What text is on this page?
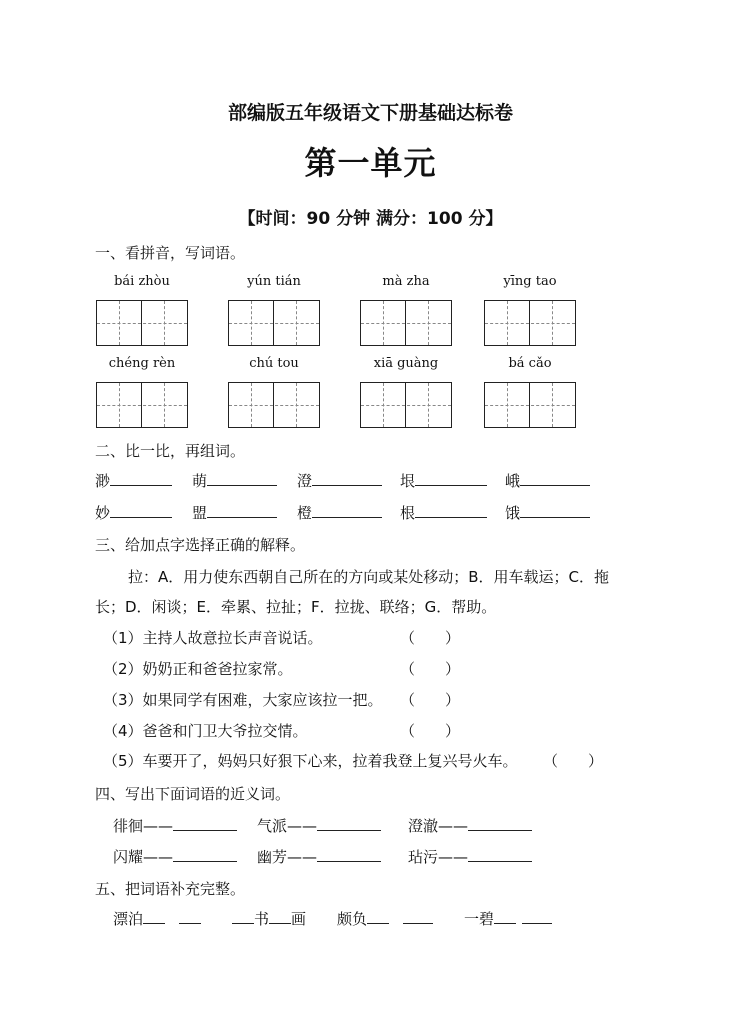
部编版五年级语文下册基础达标卷
第一单元
【时间：90 分钟 满分：100 分】
一、看拼音，写词语。
bái zhòu	yún tián	mà zha	yīng tao
chéng rèn	chú tou	xiā guàng	bá cǎo
二、比一比，再组词。
渺	萌	澄	垠	峨
妙	盟	橙	根	饿
三、给加点字选择正确的解释。
拉：A．用力使东西朝自己所在的方向或某处移动；B．用车载运；C．拖
长；D．闲谈；E．牵累、拉扯；F．拉拢、联络；G．帮助。
（1）主持人故意拉长声音说话。	（　　）
（2）奶奶正和爸爸拉家常。	（　　）
（3）如果同学有困难，大家应该拉一把。 （　　）
（4）爸爸和门卫大爷拉交情。	（　　）
（5）车要开了，妈妈只好狠下心来，拉着我登上复兴号火车。 （　　）
四、写出下面词语的近义词。
徘徊——	气派——	澄澈——
闪耀——	幽芳——	玷污——
五、把词语补充完整。
漂泊	书 画 颇负	一碧
